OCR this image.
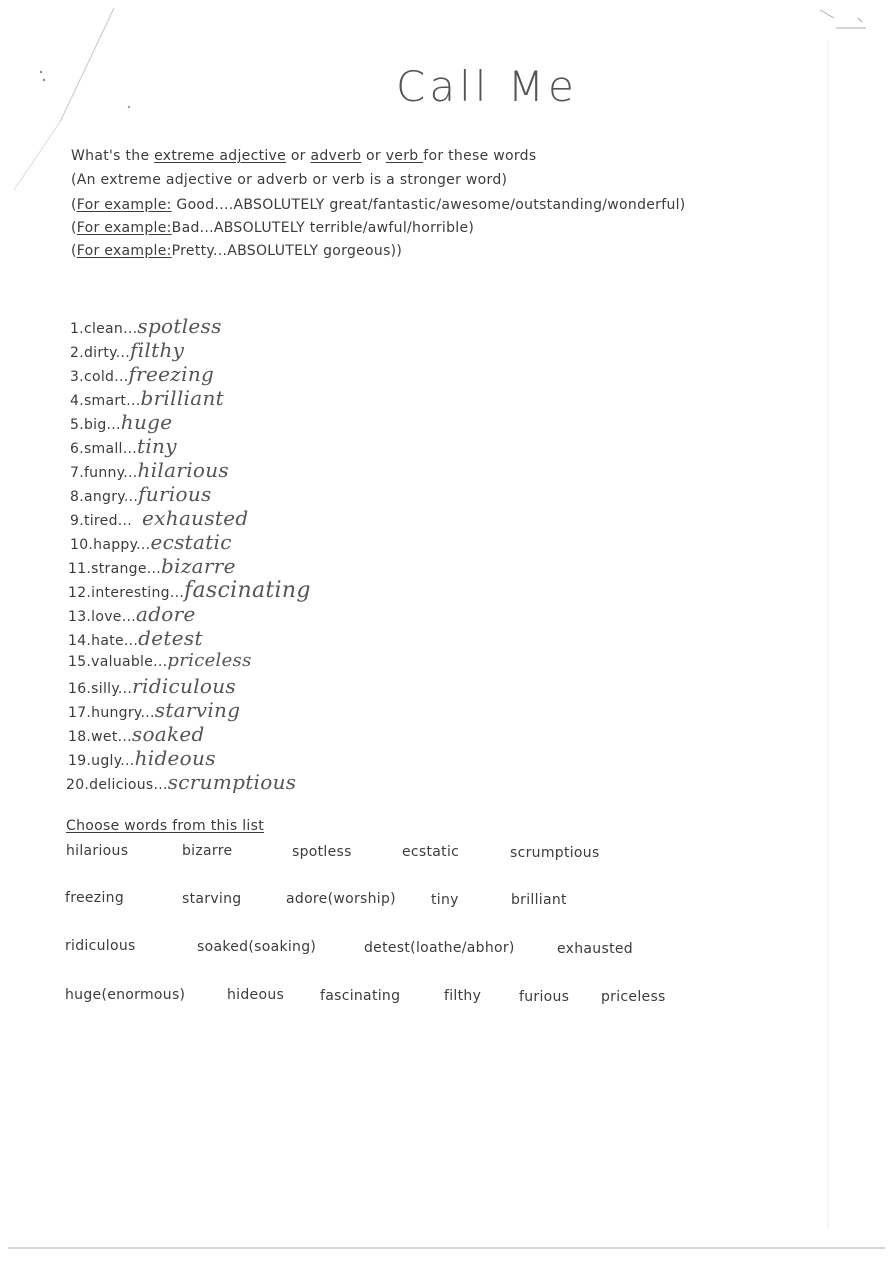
Call Me
What's the extreme adjective or adverb or verb for these words
(An extreme adjective or adverb or verb is a stronger word)
(For example: Good....ABSOLUTELY great/fantastic/awesome/outstanding/wonderful)
(For example:Bad...ABSOLUTELY terrible/awful/horrible)
(For example:Pretty...ABSOLUTELY gorgeous))
1.clean...spotless
2.dirty...filthy
3.cold...freezing
4.smart...brilliant
5.big...huge
6.small...tiny
7.funny...hilarious
8.angry...furious
9.tired... exhausted
10.happy...ecstatic
11.strange...bizarre
12.interesting...fascinating
13.love...adore
14.hate...detest
15.valuable...priceless
16.silly...ridiculous
17.hungry...starving
18.wet...soaked
19.ugly...hideous
20.delicious...scrumptious
Choose words from this list
hilarious	bizarre	spotless	ecstatic	scrumptious
freezing	starving	adore(worship)	tiny	brilliant
ridiculous	soaked(soaking)	detest(loathe/abhor)	exhausted
huge(enormous)	hideous	fascinating	filthy	furious priceless
